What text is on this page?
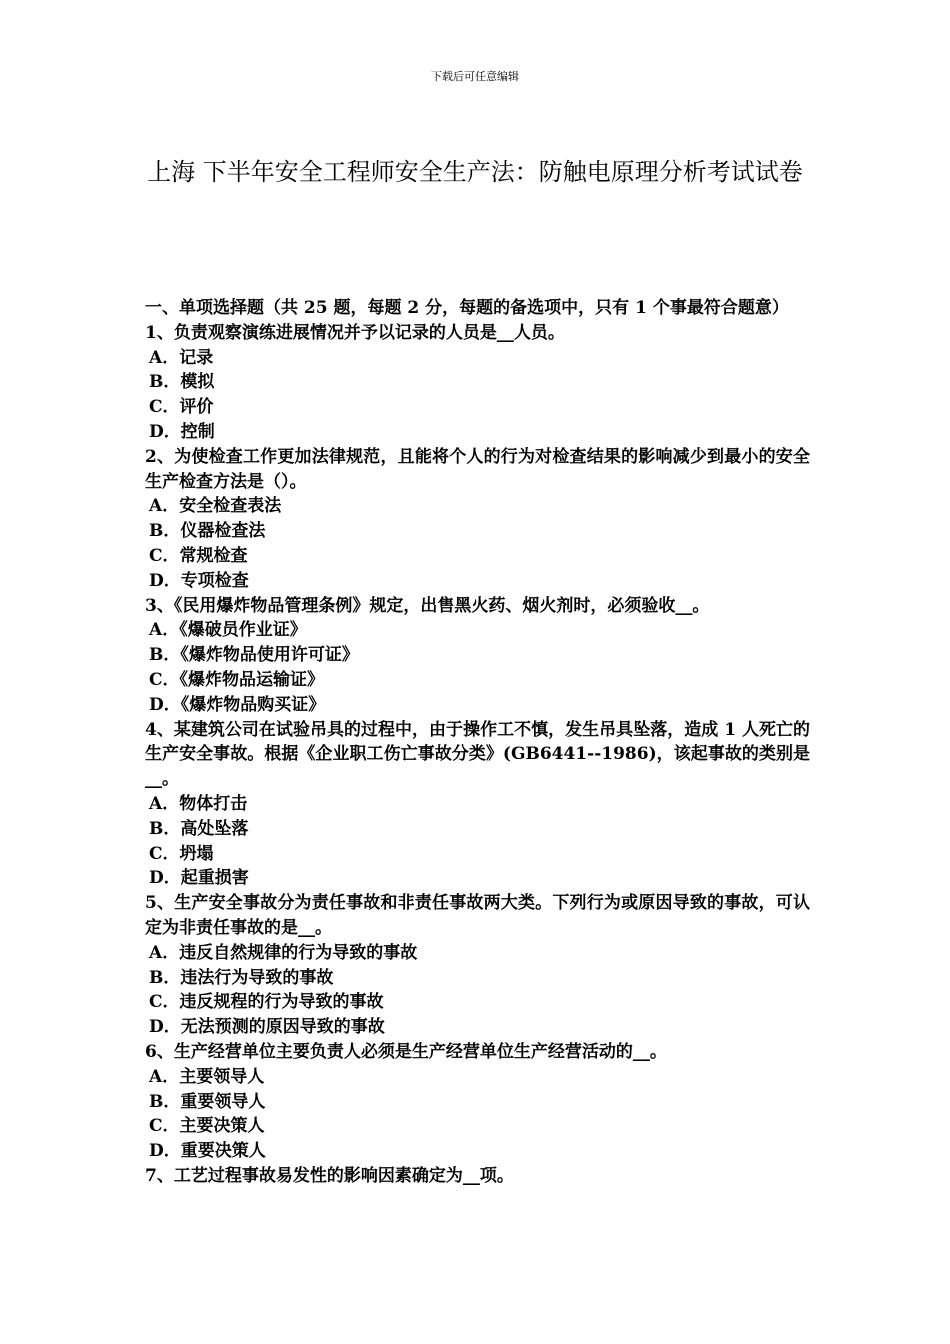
下载后可任意编辑
上海 下半年安全工程师安全生产法：防触电原理分析考试试卷
一、单项选择题（共 25 题，每题 2 分，每题的备选项中，只有 1 个事最符合题意）
1、负责观察演练进展情况并予以记录的人员是__人员。
A．记录
B．模拟
C．评价
D．控制
2、为使检查工作更加法律规范，且能将个人的行为对检查结果的影响减少到最小的安全生产检查方法是（）。
A．安全检查表法
B．仪器检查法
C．常规检查
D．专项检查
3、《民用爆炸物品管理条例》规定，出售黑火药、烟火剂时，必须验收__。
A．《爆破员作业证》
B．《爆炸物品使用许可证》
C．《爆炸物品运输证》
D．《爆炸物品购买证》
4、某建筑公司在试验吊具的过程中，由于操作工不慎，发生吊具坠落，造成 1 人死亡的生产安全事故。根据《企业职工伤亡事故分类》(GB6441--1986)，该起事故的类别是__。
A．物体打击
B．高处坠落
C．坍塌
D．起重损害
5、生产安全事故分为责任事故和非责任事故两大类。下列行为或原因导致的事故，可认定为非责任事故的是__。
A．违反自然规律的行为导致的事故
B．违法行为导致的事故
C．违反规程的行为导致的事故
D．无法预测的原因导致的事故
6、生产经营单位主要负责人必须是生产经营单位生产经营活动的__。
A．主要领导人
B．重要领导人
C．主要决策人
D．重要决策人
7、工艺过程事故易发性的影响因素确定为__项。
